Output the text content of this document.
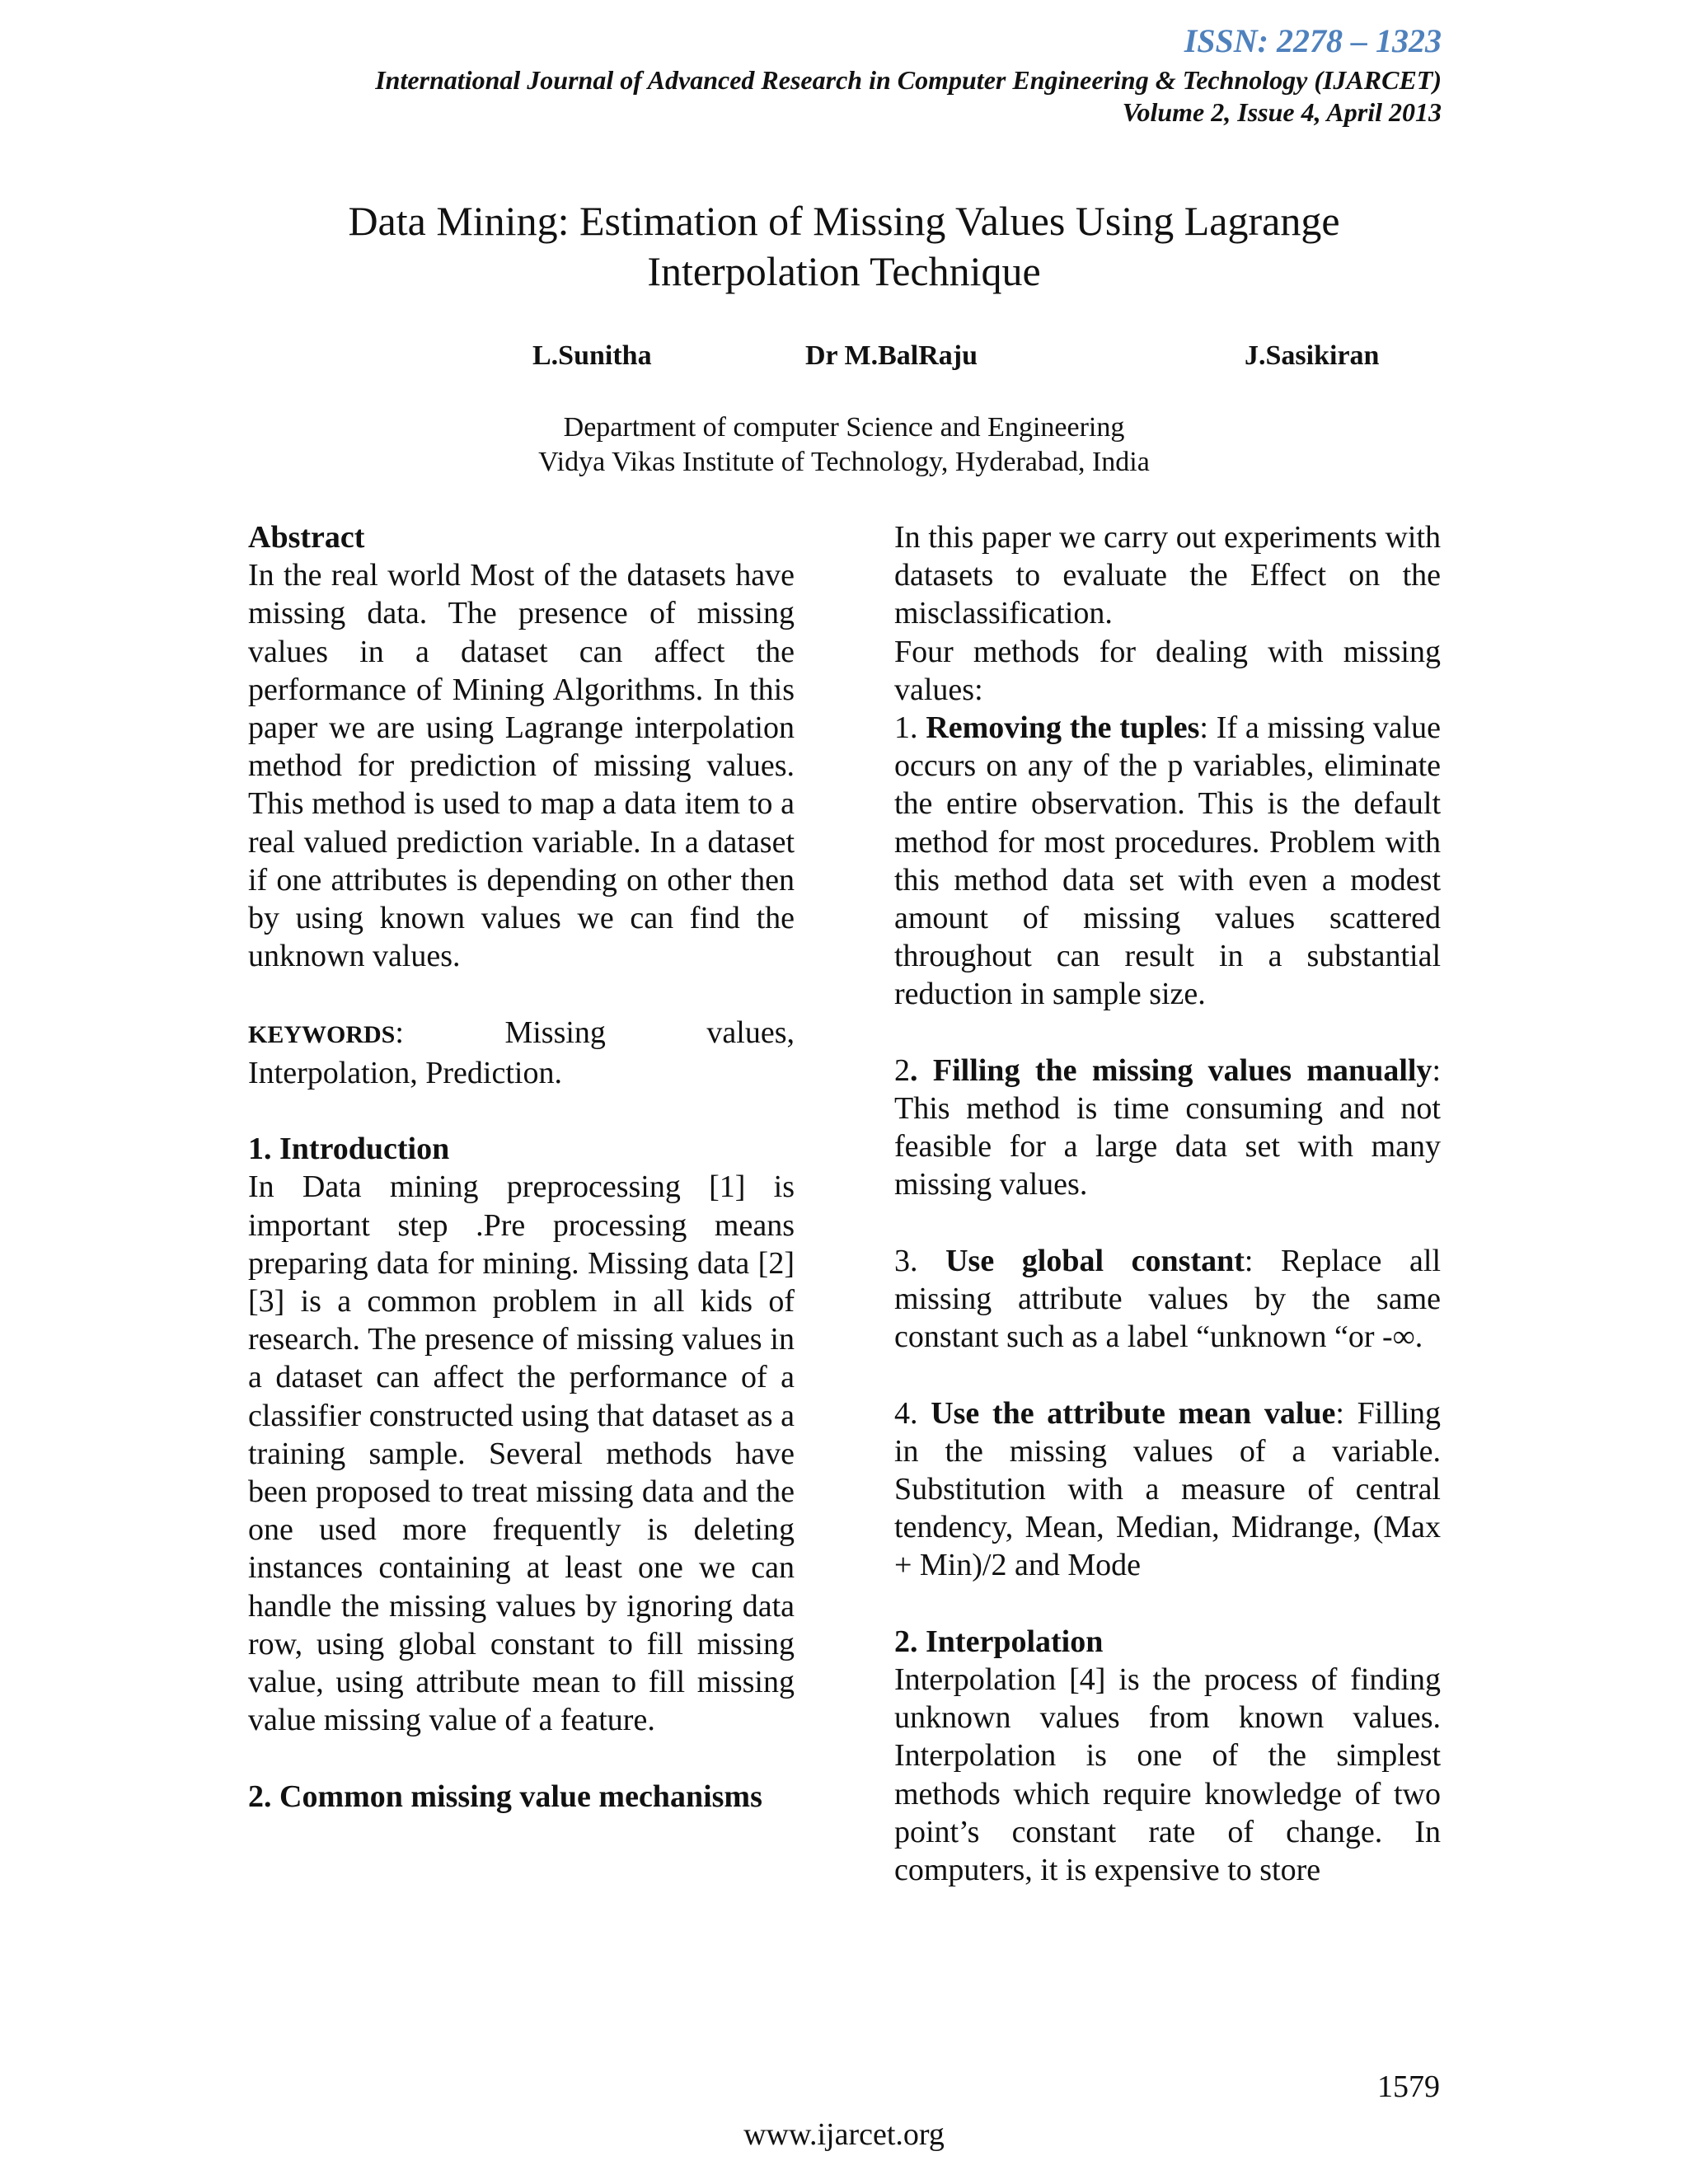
ISSN: 2278 – 1323
International Journal of Advanced Research in Computer Engineering & Technology (IJARCET)
Volume 2, Issue 4, April 2013
Data Mining: Estimation of Missing Values Using Lagrange
Interpolation Technique
L.Sunitha	Dr M.BalRaju	J.Sasikiran
Department of computer Science and Engineering
Vidya Vikas Institute of Technology, Hyderabad, India
Abstract

In the real world Most of the datasets have missing data. The presence of missing values in a dataset can affect the performance of Mining Algorithms. In this paper we are using Lagrange interpolation method for prediction of missing values. This method is used to map a data item to a real valued prediction variable. In a dataset if one attributes is depending on other then by using known values we can find the unknown values.

KEYWORDS:	Missing values,

Interpolation, Prediction.

1. Introduction

In Data mining preprocessing [1] is important step .Pre processing means preparing data for mining. Missing data [2][3] is a common problem in all kids of research. The presence of missing values in a dataset can affect the performance of a classifier constructed using that dataset as a training sample. Several methods have been proposed to treat missing data and the one used more frequently is deleting instances containing at least one we can handle the missing values by ignoring data row, using global constant to fill missing value, using attribute mean to fill missing value missing value of a feature.

2. Common missing value mechanisms

In this paper we carry out experiments with datasets to evaluate the Effect on the misclassification.

Four methods for dealing with missing values:

1. Removing the tuples: If a missing value occurs on any of the p variables, eliminate the entire observation. This is the default method for most procedures. Problem with this method data set with even a modest amount of missing values scattered throughout can result in a substantial reduction in sample size.

2. Filling the missing values manually: This method is time consuming and not feasible for a large data set with many missing values.

3. Use global constant: Replace all missing attribute values by the same constant such as a label “unknown “or -∞.

4. Use the attribute mean value: Filling in the missing values of a variable. Substitution with a measure of central tendency, Mean, Median, Midrange, (Max + Min)/2 and Mode

2. Interpolation

Interpolation [4] is the process of finding unknown values from known values. Interpolation is one of the simplest methods which require knowledge of two point’s constant rate of change. In computers, it is expensive to store

1579
www.ijarcet.org
